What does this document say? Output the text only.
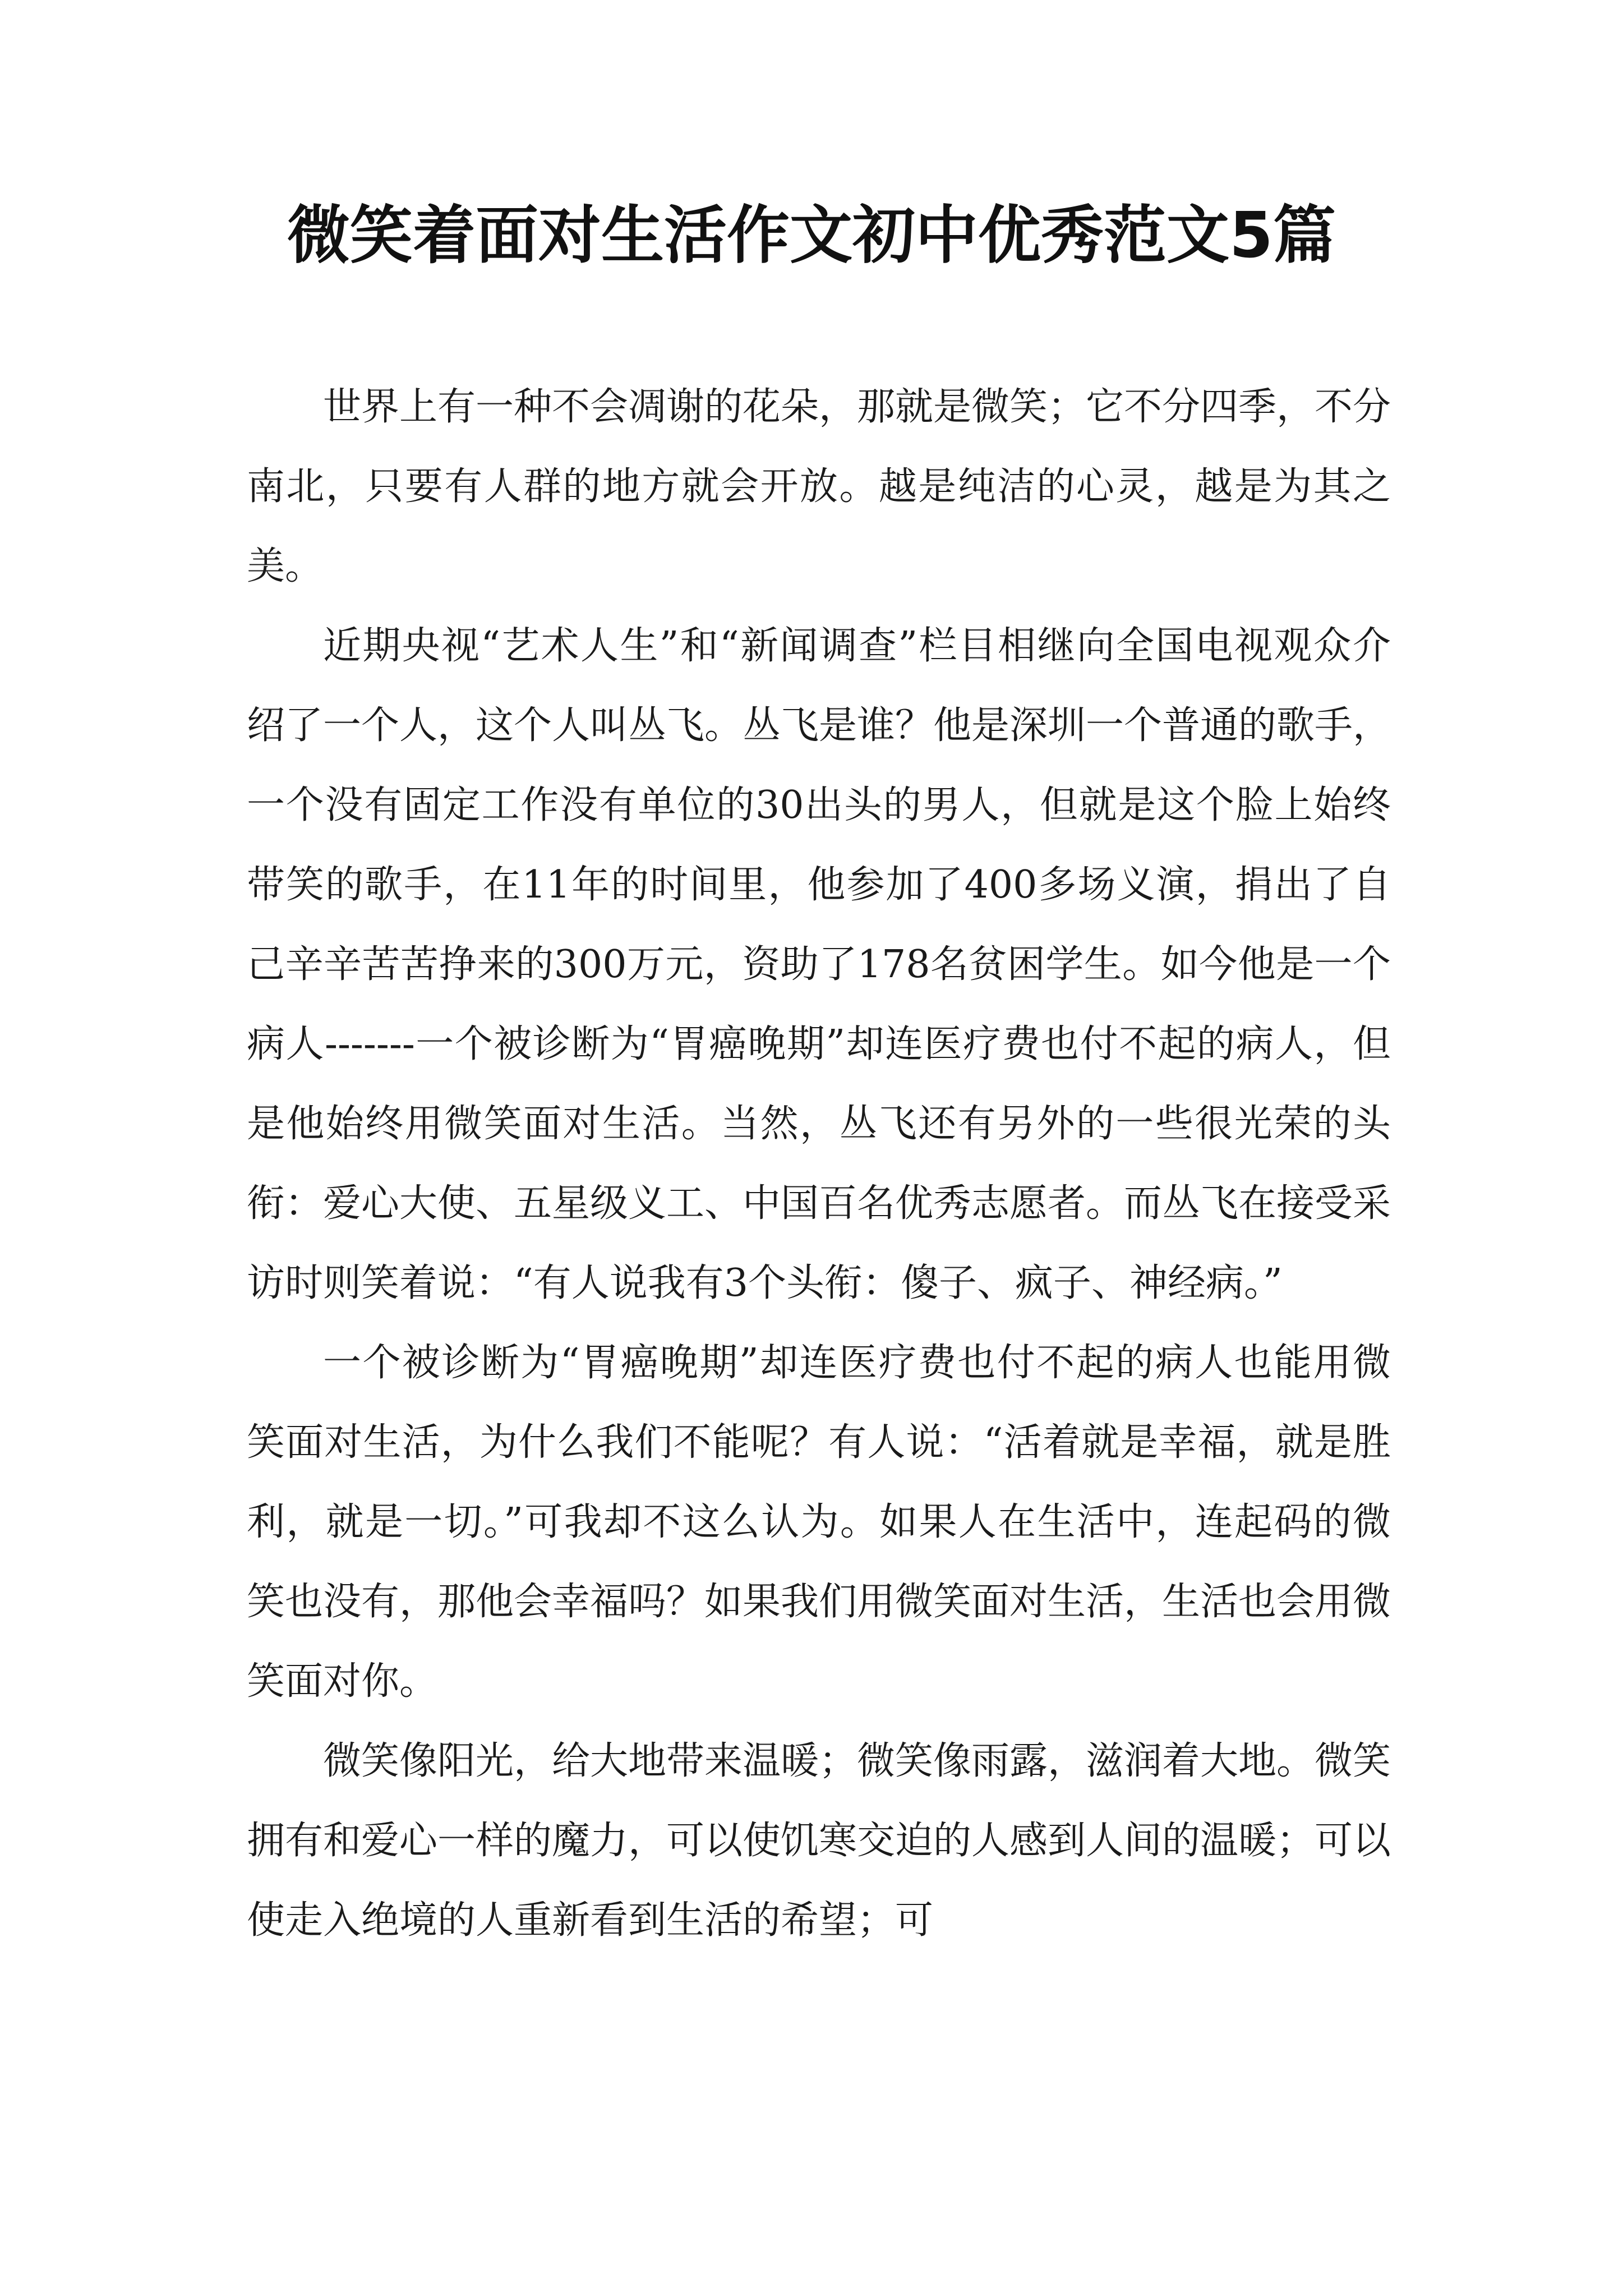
微笑着面对生活作文初中优秀范文5篇

世界上有一种不会凋谢的花朵，那就是微笑；它不分四季，不分南北，只要有人群的地方就会开放。越是纯洁的心灵，越是为其之美。

近期央视“艺术人生”和“新闻调查”栏目相继向全国电视观众介绍了一个人，这个人叫丛飞。丛飞是谁？他是深圳一个普通的歌手，一个没有固定工作没有单位的30出头的男人，但就是这个脸上始终带笑的歌手，在11年的时间里，他参加了400多场义演，捐出了自己辛辛苦苦挣来的300万元，资助了178名贫困学生。如今他是一个病人-------一个被诊断为“胃癌晚期”却连医疗费也付不起的病人，但是他始终用微笑面对生活。当然，丛飞还有另外的一些很光荣的头衔：爱心大使、五星级义工、中国百名优秀志愿者。而丛飞在接受采访时则笑着说：“有人说我有3个头衔：傻子、疯子、神经病。”

一个被诊断为“胃癌晚期”却连医疗费也付不起的病人也能用微笑面对生活，为什么我们不能呢？有人说：“活着就是幸福，就是胜利，就是一切。”可我却不这么认为。如果人在生活中，连起码的微笑也没有，那他会幸福吗？如果我们用微笑面对生活，生活也会用微笑面对你。

微笑像阳光，给大地带来温暖；微笑像雨露，滋润着大地。微笑拥有和爱心一样的魔力，可以使饥寒交迫的人感到人间的温暖；可以使走入绝境的人重新看到生活的希望；可
